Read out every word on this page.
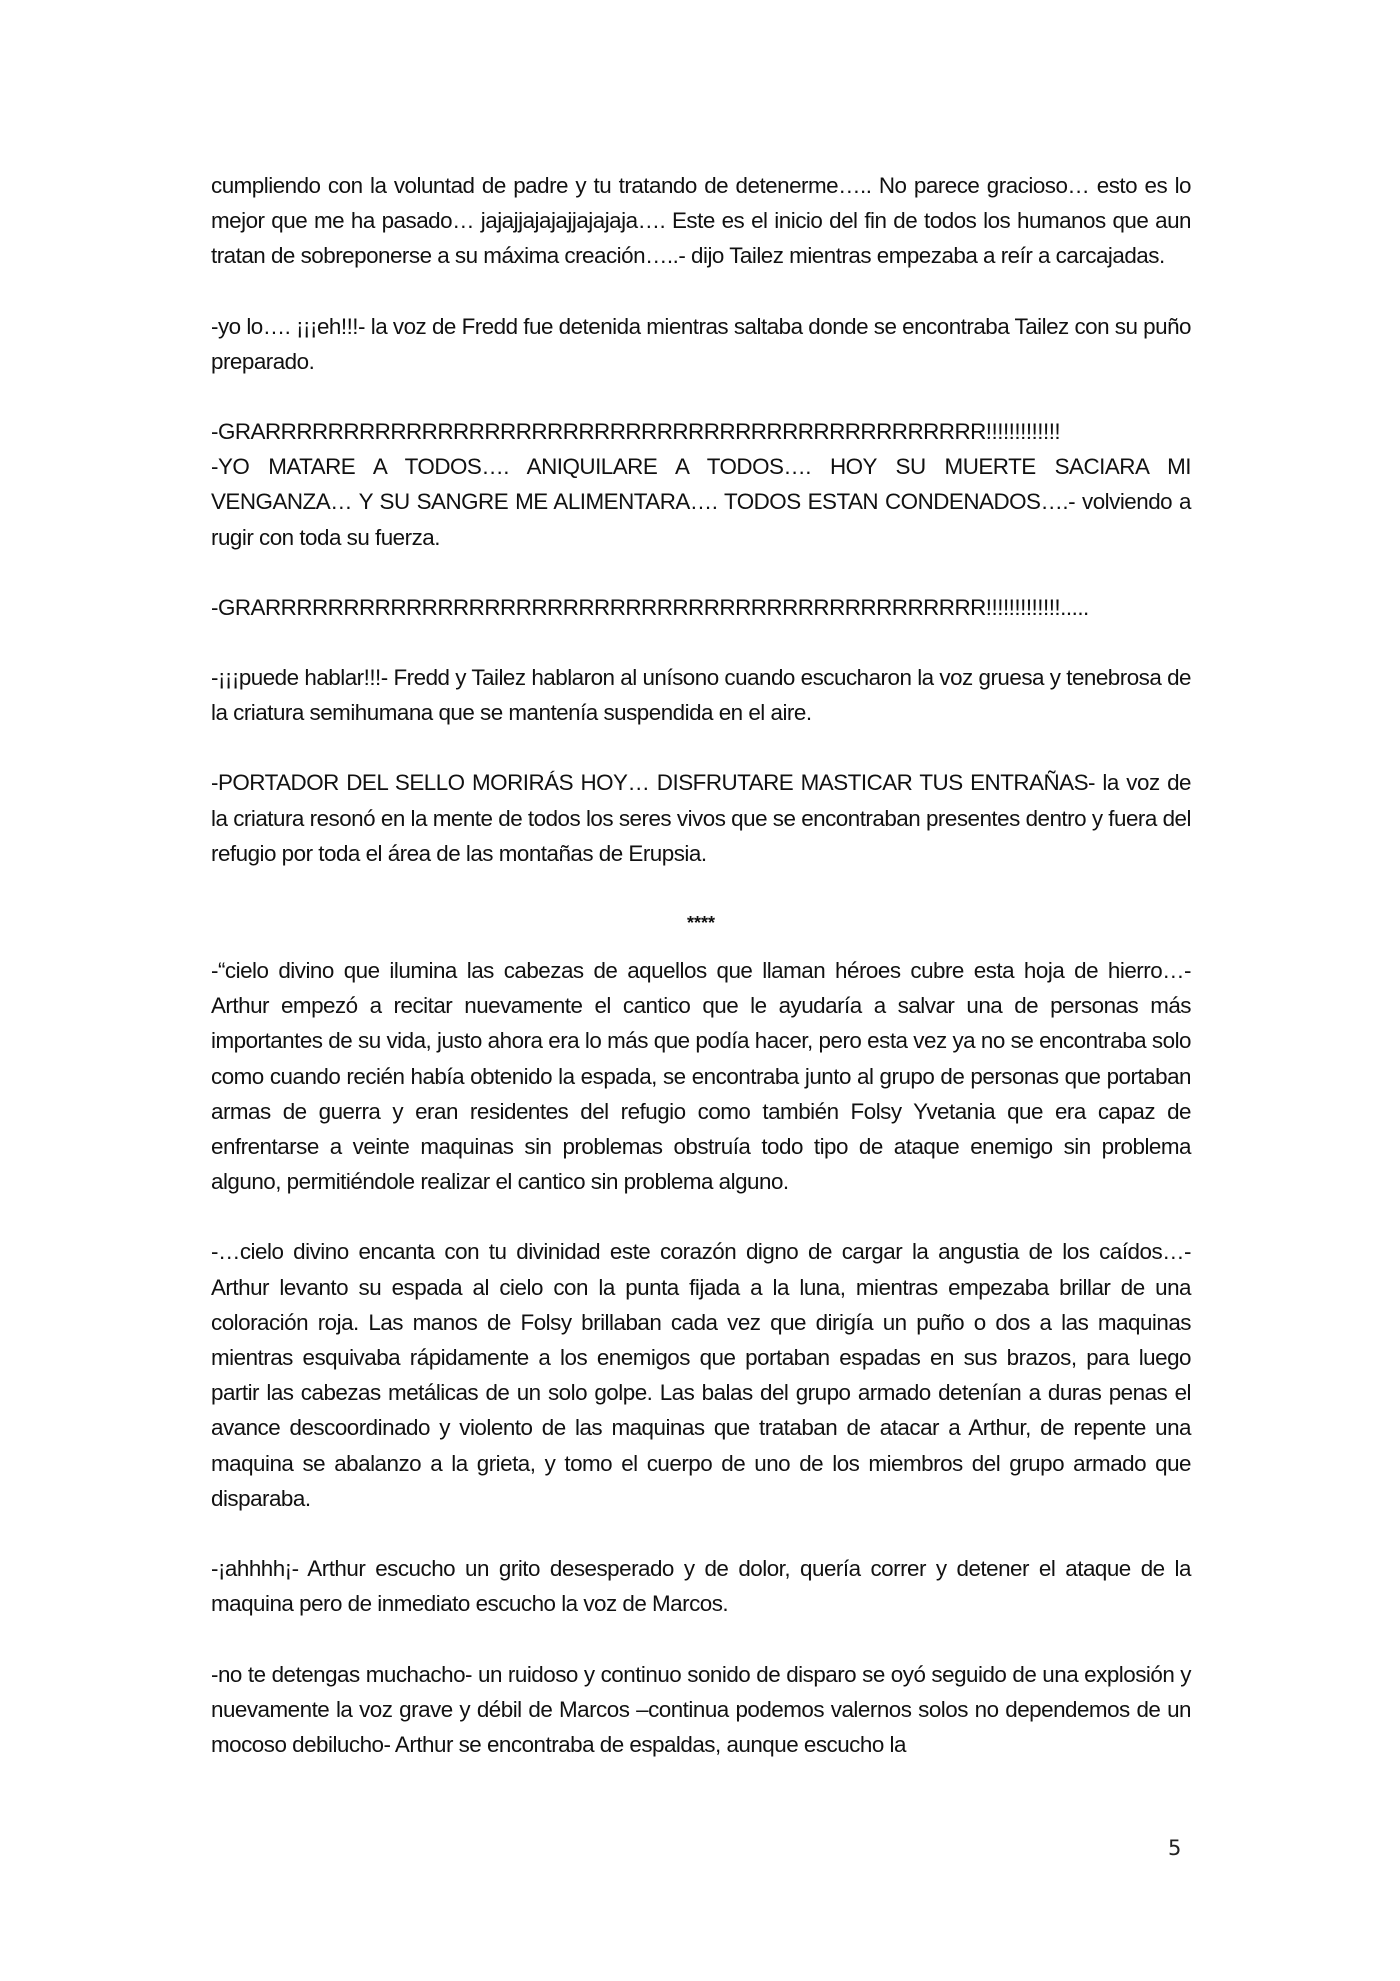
cumpliendo con la voluntad de padre y tu tratando de detenerme….. No parece gracioso… esto es lo mejor que me ha pasado… jajajjajajajjajajaja…. Este es el inicio del fin de todos los humanos que aun tratan de sobreponerse a su máxima creación…..- dijo Tailez mientras empezaba a reír a carcajadas.

-yo lo…. ¡¡¡eh!!!- la voz de Fredd fue detenida mientras saltaba donde se encontraba Tailez con su puño preparado.

-GRARRRRRRRRRRRRRRRRRRRRRRRRRRRRRRRRRRRRRRRRRRRRRR!!!!!!!!!!!!!

-YO MATARE A TODOS…. ANIQUILARE A TODOS…. HOY SU MUERTE SACIARA MI VENGANZA… Y SU SANGRE ME ALIMENTARA…. TODOS ESTAN CONDENADOS….- volviendo a rugir con toda su fuerza.

-GRARRRRRRRRRRRRRRRRRRRRRRRRRRRRRRRRRRRRRRRRRRRRRR!!!!!!!!!!!!!.....

-¡¡¡puede hablar!!!- Fredd y Tailez hablaron al unísono cuando escucharon la voz gruesa y tenebrosa de la criatura semihumana que se mantenía suspendida en el aire.

-PORTADOR DEL SELLO MORIRÁS HOY… DISFRUTARE MASTICAR TUS ENTRAÑAS- la voz de la criatura resonó en la mente de todos los seres vivos que se encontraban presentes dentro y fuera del refugio por toda el área de las montañas de Erupsia.

****

-“cielo divino que ilumina las cabezas de aquellos que llaman héroes cubre esta hoja de hierro…- Arthur empezó a recitar nuevamente el cantico que le ayudaría a salvar una de personas más importantes de su vida, justo ahora era lo más que podía hacer, pero esta vez ya no se encontraba solo como cuando recién había obtenido la espada, se encontraba junto al grupo de personas que portaban armas de guerra y eran residentes del refugio como también Folsy Yvetania que era capaz de enfrentarse a veinte maquinas sin problemas obstruía todo tipo de ataque enemigo sin problema alguno, permitiéndole realizar el cantico sin problema alguno.

-…cielo divino encanta con tu divinidad este corazón digno de cargar la angustia de los caídos…- Arthur levanto su espada al cielo con la punta fijada a la luna, mientras empezaba brillar de una coloración roja. Las manos de Folsy brillaban cada vez que dirigía un puño o dos a las maquinas mientras esquivaba rápidamente a los enemigos que portaban espadas en sus brazos, para luego partir las cabezas metálicas de un solo golpe. Las balas del grupo armado detenían a duras penas el avance descoordinado y violento de las maquinas que trataban de atacar a Arthur, de repente una maquina se abalanzo a la grieta, y tomo el cuerpo de uno de los miembros del grupo armado que disparaba.

-¡ahhhh¡- Arthur escucho un grito desesperado y de dolor, quería correr y detener el ataque de la maquina pero de inmediato escucho la voz de Marcos.

-no te detengas muchacho- un ruidoso y continuo sonido de disparo se oyó seguido de una explosión y nuevamente la voz grave y débil de Marcos –continua podemos valernos solos no dependemos de un mocoso debilucho- Arthur se encontraba de espaldas, aunque escucho la

5
